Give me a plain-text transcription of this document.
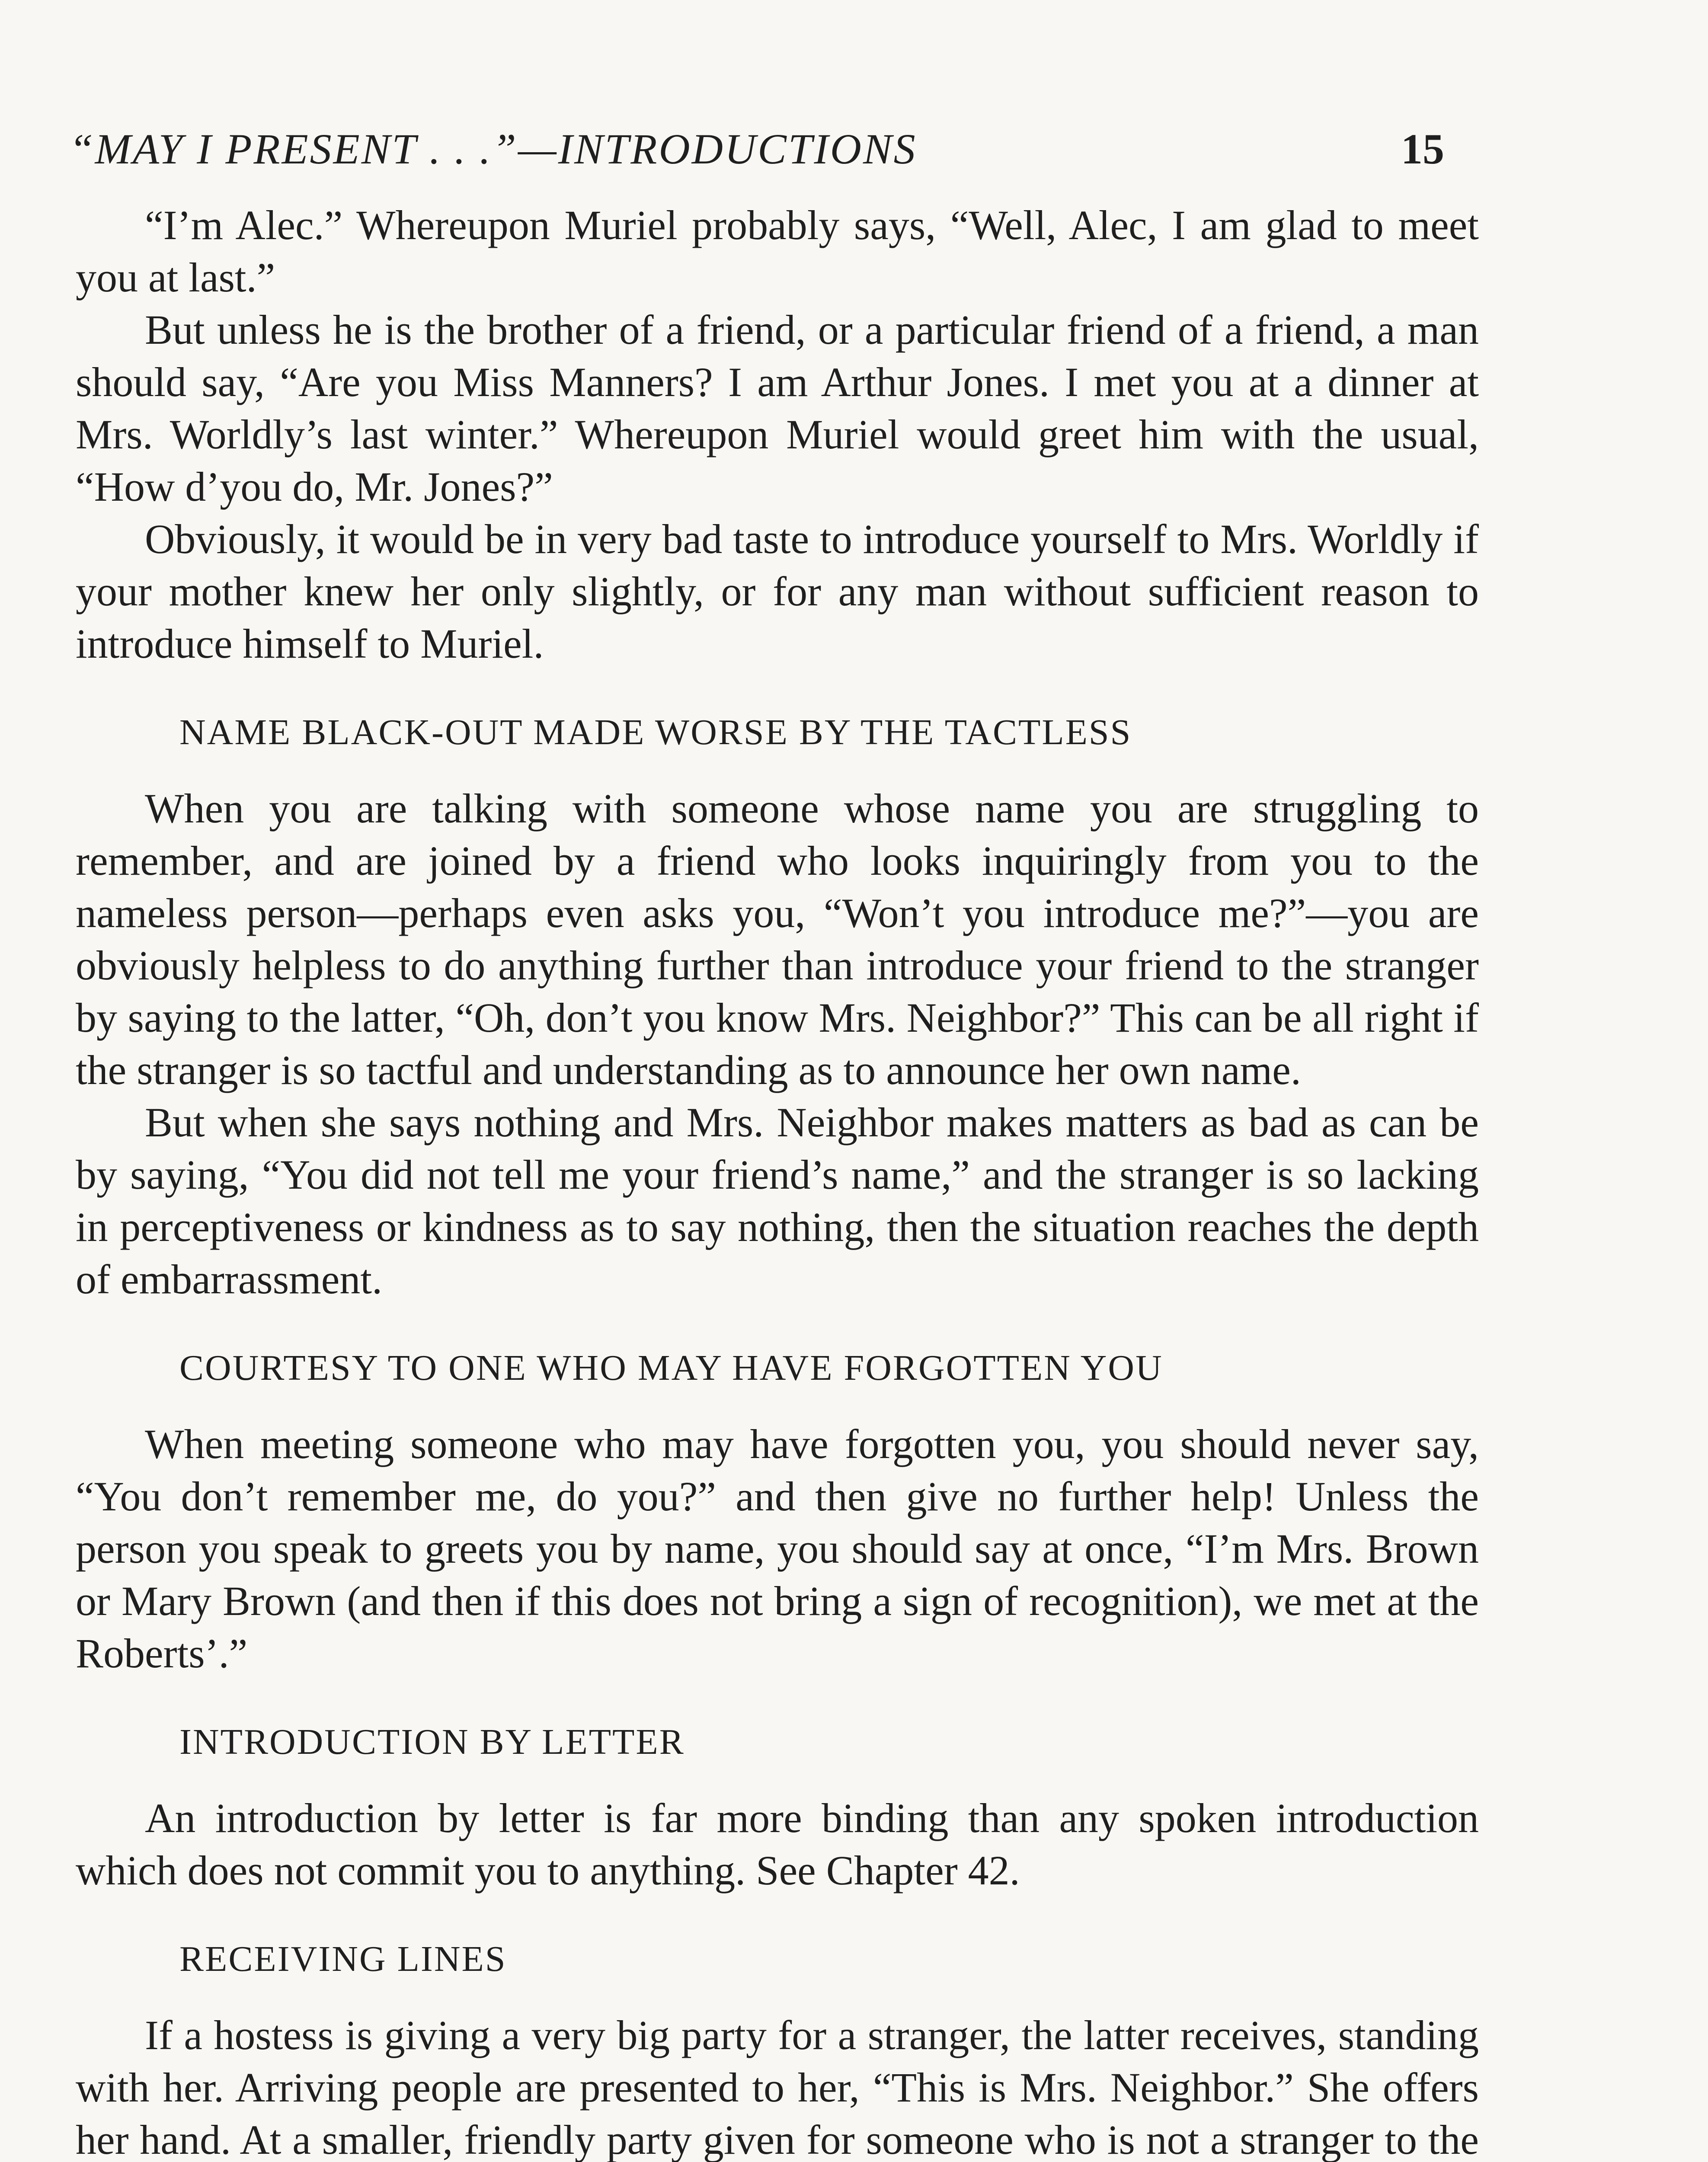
“MAY I PRESENT . . .”—INTRODUCTIONS	15

“I’m Alec.” Whereupon Muriel probably says, “Well, Alec, I am glad to meet you at last.”

But unless he is the brother of a friend, or a particular friend of a friend, a man should say, “Are you Miss Manners? I am Arthur Jones. I met you at a dinner at Mrs. Worldly’s last winter.” Whereupon Muriel would greet him with the usual, “How d’you do, Mr. Jones?”

Obviously, it would be in very bad taste to introduce yourself to Mrs. Worldly if your mother knew her only slightly, or for any man without sufficient reason to introduce himself to Muriel.

NAME BLACK-OUT MADE WORSE BY THE TACTLESS

When you are talking with someone whose name you are struggling to remember, and are joined by a friend who looks inquiringly from you to the nameless person—perhaps even asks you, “Won’t you introduce me?”—you are obviously helpless to do anything further than introduce your friend to the stranger by saying to the latter, “Oh, don’t you know Mrs. Neighbor?” This can be all right if the stranger is so tactful and understanding as to announce her own name.

But when she says nothing and Mrs. Neighbor makes matters as bad as can be by saying, “You did not tell me your friend’s name,” and the stranger is so lacking in perceptiveness or kindness as to say nothing, then the situation reaches the depth of embarrassment.

COURTESY TO ONE WHO MAY HAVE FORGOTTEN YOU

When meeting someone who may have forgotten you, you should never say, “You don’t remember me, do you?” and then give no further help! Unless the person you speak to greets you by name, you should say at once, “I’m Mrs. Brown or Mary Brown (and then if this does not bring a sign of recognition), we met at the Roberts’.”

INTRODUCTION BY LETTER

An introduction by letter is far more binding than any spoken introduction which does not commit you to anything. See Chapter 42.

RECEIVING LINES

If a hostess is giving a very big party for a stranger, the latter receives, standing with her. Arriving people are presented to her, “This is Mrs. Neighbor.” She offers her hand. At a smaller, friendly party given for someone who is not a stranger to the
